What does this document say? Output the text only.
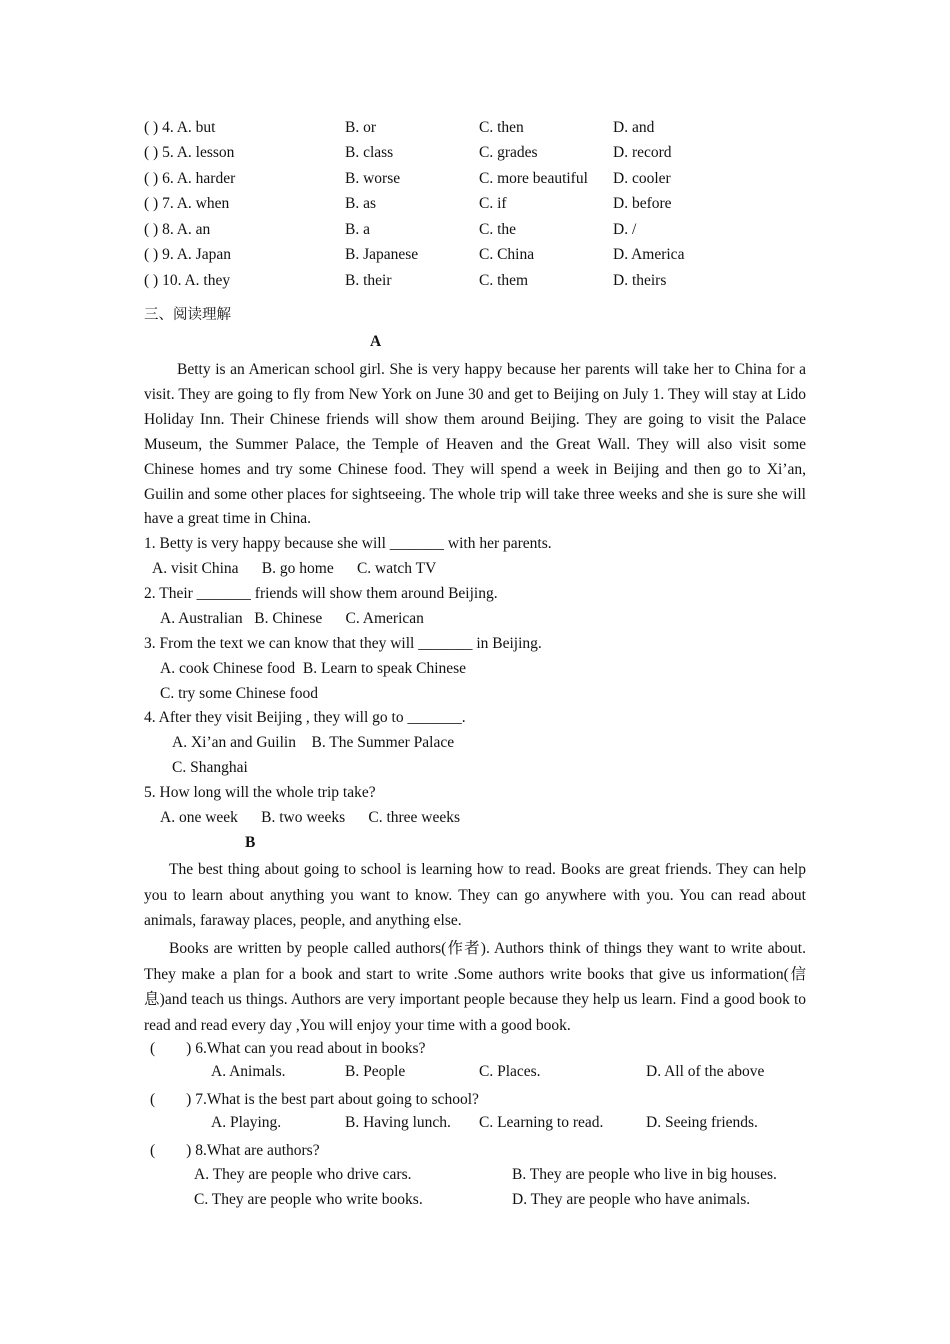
( ) 4. A. but	B. or	C. then	D. and
( ) 5. A. lesson	B. class	C. grades	D. record
( ) 6. A. harder	B. worse	C. more beautiful D. cooler
( ) 7. A. when	B. as	C. if	D. before
( ) 8. A. an	B. a	C. the	D. /
( ) 9. A. Japan	B. Japanese	C. China	D. America
( ) 10. A. they	B. their	C. them	D. theirs
三、阅读理解
A

Betty is an American school girl. She is very happy because her parents will take her to China for a visit. They are going to fly from New York on June 30 and get to Beijing on July 1. They will stay at Lido Holiday Inn. Their Chinese friends will show them around Beijing. They are going to visit the Palace Museum, the Summer Palace, the Temple of Heaven and the Great Wall. They will also visit some Chinese homes and try some Chinese food. They will spend a week in Beijing and then go to Xi’an, Guilin and some other places for sightseeing. The whole trip will take three weeks and she is sure she will have a great time in China.

1. Betty is very happy because she will _______ with her parents.
A. visit China      B. go home      C. watch TV
2. Their _______ friends will show them around Beijing.
A. Australian   B. Chinese      C. American
3. From the text we can know that they will _______ in Beijing.
A. cook Chinese food  B. Learn to speak Chinese
C. try some Chinese food
4. After they visit Beijing , they will go to _______.
A. Xi’an and Guilin    B. The Summer Palace
C. Shanghai
5. How long will the whole trip take?
A. one week      B. two weeks      C. three weeks
B

The best thing about going to school is learning how to read. Books are great friends. They can help you to learn about anything you want to know. They can go anywhere with you. You can read about animals, faraway places, people, and anything else.

Books are written by people called authors(作者). Authors think of things they want to write about. They make a plan for a book and start to write .Some authors write books that give us information(信息)and teach us things. Authors are very important people because they help us learn. Find a good book to read and read every day ,You will enjoy your time with a good book.

(        ) 6.What can you read about in books?
A. Animals.	B. People	C. Places.	D. All of the above
(        ) 7.What is the best part about going to school?
A. Playing.	B. Having lunch. C. Learning to read.	D. Seeing friends.
(        ) 8.What are authors?
A. They are people who drive cars.	B. They are people who live in big houses.
C. They are people who write books.	D. They are people who have animals.
